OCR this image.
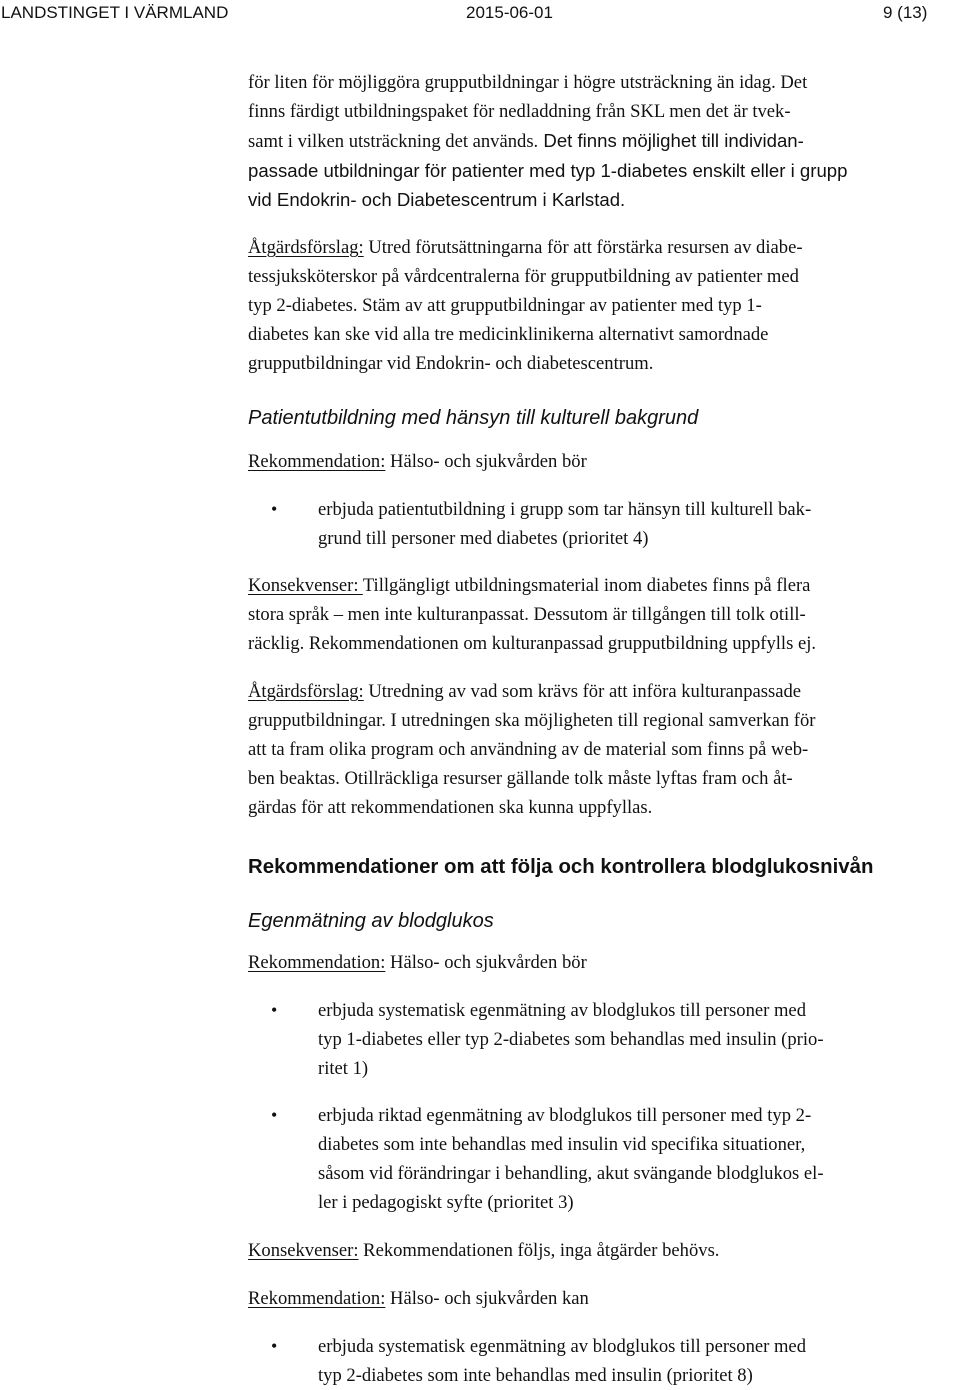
LANDSTINGET I VÄRMLAND	2015-06-01	9 (13)

för liten för möjliggöra grupputbildningar i högre utsträckning än idag. Det

finns färdigt utbildningspaket för nedladdning från SKL men det är tvek-

samt i vilken utsträckning det används. Det finns möjlighet till individan-

passade utbildningar för patienter med typ 1-diabetes enskilt eller i grupp

vid Endokrin- och Diabetescentrum i Karlstad.

Åtgärdsförslag: Utred förutsättningarna för att förstärka resursen av diabe-

tessjuksköterskor på vårdcentralerna för grupputbildning av patienter med

typ 2-diabetes. Stäm av att grupputbildningar av patienter med typ 1-

diabetes kan ske vid alla tre medicinklinikerna alternativt samordnade

grupputbildningar vid Endokrin- och diabetescentrum.

Patientutbildning med hänsyn till kulturell bakgrund

Rekommendation: Hälso- och sjukvården bör

• erbjuda patientutbildning i grupp som tar hänsyn till kulturell bak-

grund till personer med diabetes (prioritet 4)

Konsekvenser: Tillgängligt utbildningsmaterial inom diabetes finns på flera

stora språk – men inte kulturanpassat. Dessutom är tillgången till tolk otill-

räcklig. Rekommendationen om kulturanpassad grupputbildning uppfylls ej.

Åtgärdsförslag: Utredning av vad som krävs för att införa kulturanpassade

grupputbildningar. I utredningen ska möjligheten till regional samverkan för

att ta fram olika program och användning av de material som finns på web-

ben beaktas. Otillräckliga resurser gällande tolk måste lyftas fram och åt-

gärdas för att rekommendationen ska kunna uppfyllas.

Rekommendationer om att följa och kontrollera blodglukosnivån

Egenmätning av blodglukos

Rekommendation: Hälso- och sjukvården bör

• erbjuda systematisk egenmätning av blodglukos till personer med

typ 1-diabetes eller typ 2-diabetes som behandlas med insulin (prio-

ritet 1)

• erbjuda riktad egenmätning av blodglukos till personer med typ 2-

diabetes som inte behandlas med insulin vid specifika situationer,

såsom vid förändringar i behandling, akut svängande blodglukos el-

ler i pedagogiskt syfte (prioritet 3)

Konsekvenser: Rekommendationen följs, inga åtgärder behövs.

Rekommendation: Hälso- och sjukvården kan

• erbjuda systematisk egenmätning av blodglukos till personer med

typ 2-diabetes som inte behandlas med insulin (prioritet 8)
